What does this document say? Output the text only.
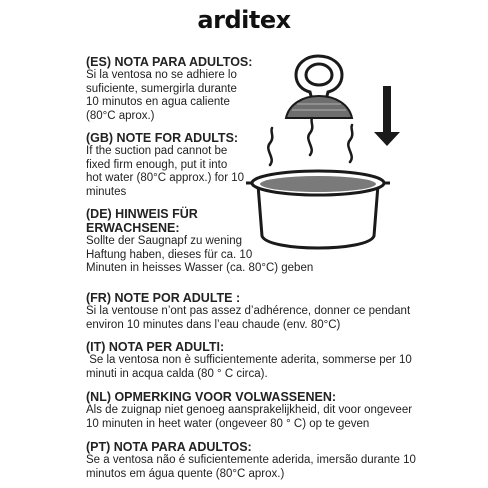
arditex

(ES) NOTA PARA ADULTOS:

Si la ventosa no se adhiere lo

suficiente, sumergirla durante

10 minutos en agua caliente

(80°C aprox.)

(GB) NOTE FOR ADULTS:

If the suction pad cannot be

fixed firm enough, put it into

hot water (80°C approx.) for 10

minutes

(DE) HINWEIS FÜR

ERWACHSENE:

Sollte der Saugnapf zu wening

Haftung haben, dieses für ca. 10

Minuten in heisses Wasser (ca. 80°C) geben

(FR) NOTE POR ADULTE :

Si la ventouse n’ont pas assez d’adhérence, donner ce pendant

environ 10 minutes dans l’eau chaude (env. 80°C)

(IT) NOTA PER ADULTI:

Se la ventosa non è sufficientemente aderita, sommerse per 10

minuti in acqua calda (80 ° C circa).

(NL) OPMERKING VOOR VOLWASSENEN:

Als de zuignap niet genoeg aansprakelijkheid, dit voor ongeveer

10 minuten in heet water (ongeveer 80 ° C) op te geven

(PT) NOTA PARA ADULTOS:

Se a ventosa não é suficientemente aderida, imersão durante 10

minutos em água quente (80°C aprox.)
